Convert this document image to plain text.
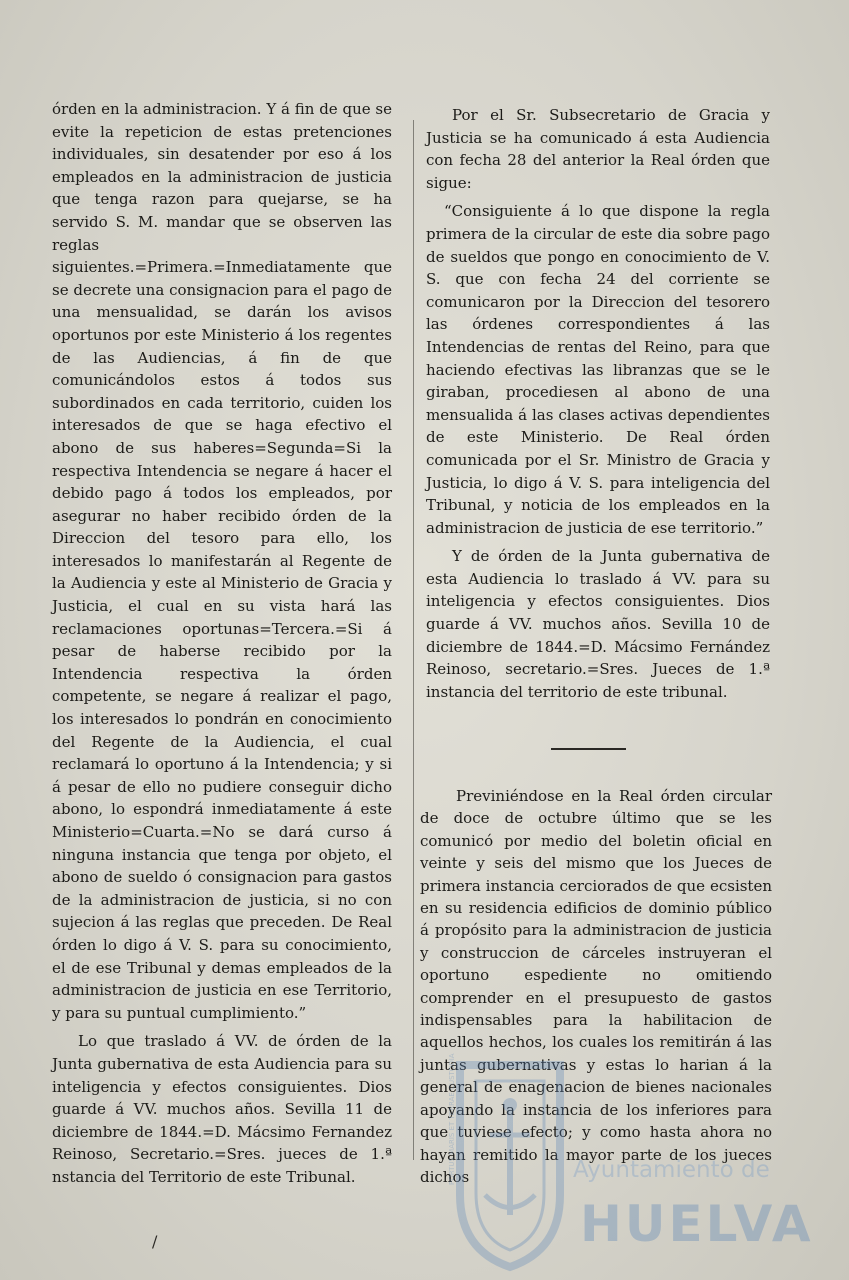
órden en la administracion. Y á fin de que se evite la repeticion de estas pretenciones individuales, sin desatender por eso á los empleados en la administracion de justicia que tenga razon para quejarse, se ha servido S. M. mandar que se observen las reglas siguientes.=Primera.=Inmediatamente que se decrete una consignacion para el pago de una mensualidad, se darán los avisos oportunos por este Ministerio á los regentes de las Audiencias, á fin de que comunicándolos estos á todos sus subordinados en cada territorio, cuiden los interesados de que se haga efectivo el abono de sus haberes=Segunda=Si la respectiva Intendencia se negare á hacer el debido pago á todos los empleados, por asegurar no haber recibido órden de la Direccion del tesoro para ello, los interesados lo manifestarán al Regente de la Audiencia y este al Ministerio de Gracia y Justicia, el cual en su vista hará las reclamaciones oportunas=Tercera.=Si á pesar de haberse recibido por la Intendencia respectiva la órden competente, se negare á realizar el pago, los interesados lo pondrán en conocimiento del Regente de la Audiencia, el cual reclamará lo oportuno á la Intendencia; y si á pesar de ello no pudiere conseguir dicho abono, lo espondrá inmediatamente á este Ministerio=Cuarta.=No se dará curso á ninguna instancia que tenga por objeto, el abono de sueldo ó consignacion para gastos de la administracion de justicia, si no con sujecion á las reglas que preceden. De Real órden lo digo á V. S. para su conocimiento, el de ese Tribunal y demas empleados de la administracion de justicia en ese Territorio, y para su puntual cumplimiento.”

Lo que traslado á VV. de órden de la Junta gubernativa de esta Audiencia para su inteligencia y efectos consiguientes. Dios guarde á VV. muchos años. Sevilla 11 de diciembre de 1844.=D. Mácsimo Fernandez Reinoso, Secretario.=Sres. jueces de 1.ª nstancia del Territorio de este Tribunal.

Por el Sr. Subsecretario de Gracia y Justicia se ha comunicado á esta Audiencia con fecha 28 del anterior la Real órden que sigue:

“Consiguiente á lo que dispone la regla primera de la circular de este dia sobre pago de sueldos que pongo en conocimiento de V. S. que con fecha 24 del corriente se comunicaron por la Direccion del tesorero las órdenes correspondientes á las Intendencias de rentas del Reino, para que haciendo efectivas las libranzas que se le giraban, procediesen al abono de una mensualida á las clases activas dependientes de este Ministerio. De Real órden comunicada por el Sr. Ministro de Gracia y Justicia, lo digo á V. S. para inteligencia del Tribunal, y noticia de los empleados en la administracion de justicia de ese territorio.”

Y de órden de la Junta gubernativa de esta Audiencia lo traslado á VV. para su inteligencia y efectos consiguientes. Dios guarde á VV. muchos años. Sevilla 10 de diciembre de 1844.=D. Mácsimo Fernández Reinoso, secretario.=Sres. Jueces de 1.ª instancia del territorio de este tribunal.

Previniéndose en la Real órden circular de doce de octubre último que se les comunicó por medio del boletin oficial en veinte y seis del mismo que los Jueces de primera instancia cerciorados de que ecsisten en su residencia edificios de dominio público á propósito para la administracion de justicia y construccion de cárceles instruyeran el oportuno espediente no omitiendo comprender en el presupuesto de gastos indispensables para la habilitacion de aquellos hechos, los cuales los remitirán á las juntas gubernativas y estas lo harian á la general de enagenacion de bienes nacionales apoyando la instancia de los inferiores para que tuviese efecto; y como hasta ahora no hayan remitido la mayor parte de los jueces dichos

/
PORTUS MARIS ET TERRAE CUSTODIA	Ayuntamiento de
HUELVA
